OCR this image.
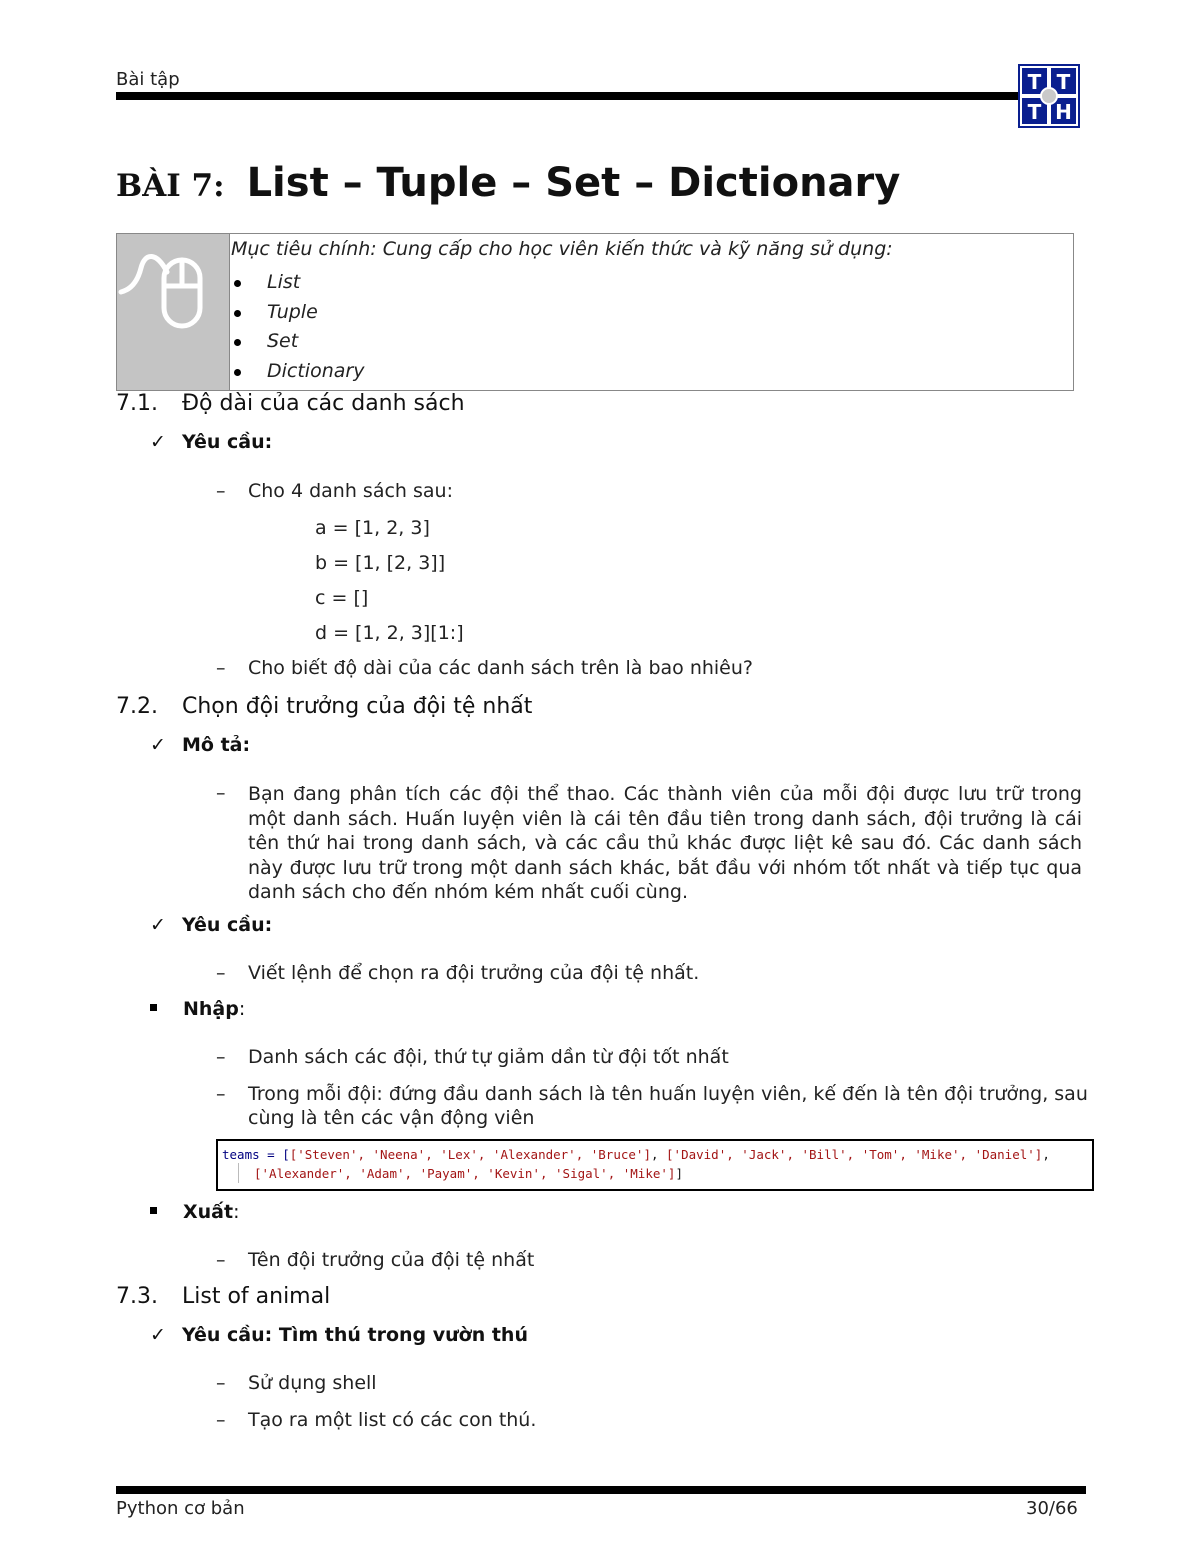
Bài tập	T T
T H
BÀI 7: List – Tuple – Set – Dictionary
Mục tiêu chính: Cung cấp cho học viên kiến thức và kỹ năng sử dụng:
List
Tuple
Set
Dictionary
7.1. Độ dài của các danh sách
✓ Yêu cầu:
– Cho 4 danh sách sau:
a = [1, 2, 3]
b = [1, [2, 3]]
c = []
d = [1, 2, 3][1:]
– Cho biết độ dài của các danh sách trên là bao nhiêu?
7.2. Chọn đội trưởng của đội tệ nhất
✓ Mô tả:
–	Bạn đang phân tích các đội thể thao. Các thành viên của mỗi đội được lưu trữ trong một danh sách. Huấn luyện viên là cái tên đầu tiên trong danh sách, đội trưởng là cái tên thứ hai trong danh sách, và các cầu thủ khác được liệt kê sau đó. Các danh sách này được lưu trữ trong một danh sách khác, bắt đầu với nhóm tốt nhất và tiếp tục qua danh sách cho đến nhóm kém nhất cuối cùng.
✓ Yêu cầu:
– Viết lệnh để chọn ra đội trưởng của đội tệ nhất.
Nhập:
– Danh sách các đội, thứ tự giảm dần từ đội tốt nhất
– Trong mỗi đội: đứng đầu danh sách là tên huấn luyện viên, kế đến là tên đội trưởng, sau
cùng là tên các vận động viên
teams = [['Steven', 'Neena', 'Lex', 'Alexander', 'Bruce'], ['David', 'Jack', 'Bill', 'Tom', 'Mike', 'Daniel'],
['Alexander', 'Adam', 'Payam', 'Kevin', 'Sigal', 'Mike']]
Xuất:
– Tên đội trưởng của đội tệ nhất
7.3. List of animal
✓ Yêu cầu: Tìm thú trong vườn thú
– Sử dụng shell
– Tạo ra một list có các con thú.
Python cơ bản	30/66
